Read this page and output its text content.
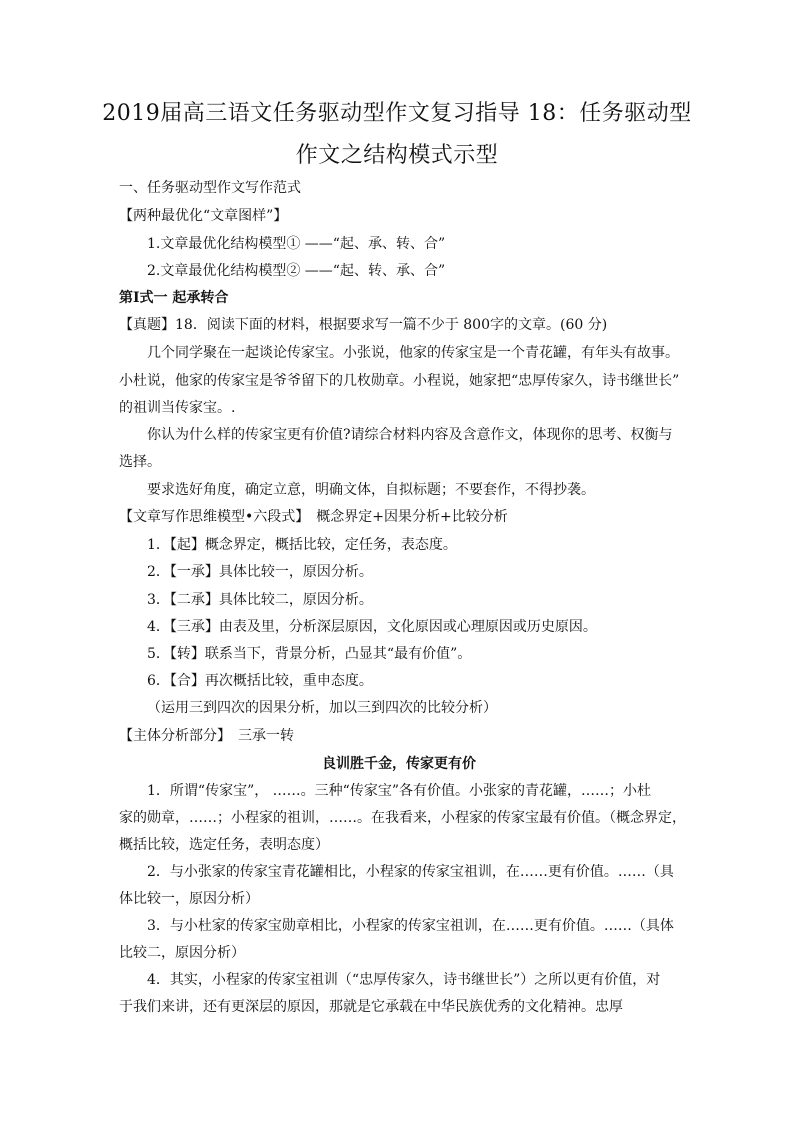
2019届高三语文任务驱动型作文复习指导 18：任务驱动型
作文之结构模式示型
一、任务驱动型作文写作范式
【两种最优化“文章图样”】
1.文章最优化结构模型① ——“起、承、转、合”
2.文章最优化结构模型② ——“起、转、承、合”
第Ⅰ式一 起承转合
【真题】18．阅读下面的材料，根据要求写一篇不少于 800字的文章。(60 分)
几个同学聚在一起谈论传家宝。小张说，他家的传家宝是一个青花罐，有年头有故事。
小杜说，他家的传家宝是爷爷留下的几枚勋章。小程说，她家把“忠厚传家久，诗书继世长”
的祖训当传家宝。.
你认为什么样的传家宝更有价值?请综合材料内容及含意作文，体现你的思考、权衡与
选择。
要求选好角度，确定立意，明确文体，自拟标题；不要套作，不得抄袭。
【文章写作思维模型•六段式】　概念界定+因果分析+比较分析
1．【起】概念界定，概括比较，定任务，表态度。
2．【一承】具体比较一，原因分析。
3．【二承】具体比较二，原因分析。
4．【三承】由表及里，分析深层原因，文化原因或心理原因或历史原因。
5．【转】联系当下，背景分析，凸显其“最有价值”。
6．【合】再次概括比较，重申态度。
（运用三到四次的因果分析，加以三到四次的比较分析）
【主体分析部分】　三承一转
良训胜千金，传家更有价
1．所谓“传家宝”， ……。三种“传家宝”各有价值。小张家的青花罐，……；小杜
家的勋章，……；小程家的祖训，……。在我看来，小程家的传家宝最有价值。（概念界定，
概括比较，选定任务，表明态度）
2．与小张家的传家宝青花罐相比，小程家的传家宝祖训，在……更有价值。……（具
体比较一，原因分析）
3．与小杜家的传家宝勋章相比，小程家的传家宝祖训，在……更有价值。……（具体
比较二，原因分析）
4．其实，小程家的传家宝祖训（“忠厚传家久，诗书继世长”）之所以更有价值，对
于我们来讲，还有更深层的原因，那就是它承载在中华民族优秀的文化精神。忠厚
